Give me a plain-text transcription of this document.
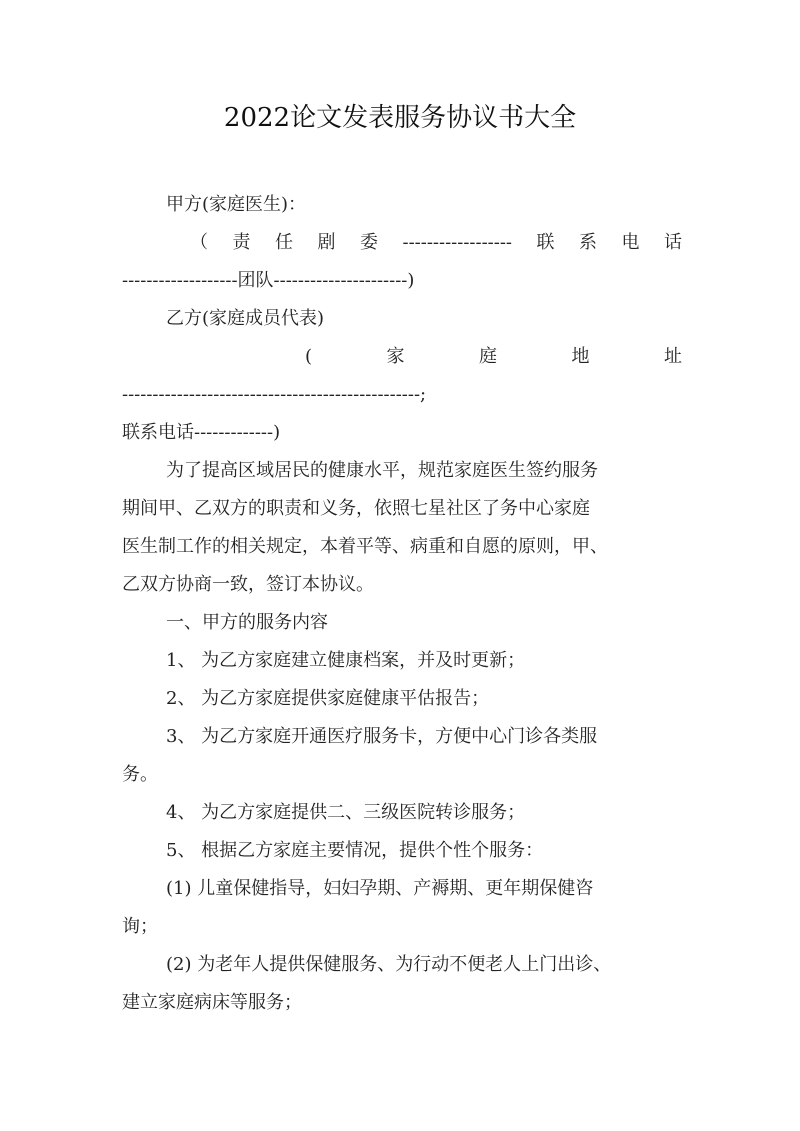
2022论文发表服务协议书大全
甲方(家庭医生)：
（ 责 任 剧 委 ------------------ 联 系 电 话
-------------------团队----------------------)
乙方(家庭成员代表)
(	家	庭	地	址
-------------------------------------------------;
联系电话-------------)
为了提高区域居民的健康水平，规范家庭医生签约服务
期间甲、乙双方的职责和义务，依照七星社区了务中心家庭
医生制工作的相关规定，本着平等、病重和自愿的原则，甲、
乙双方协商一致，签订本协议。
一、甲方的服务内容
1、 为乙方家庭建立健康档案，并及时更新；
2、 为乙方家庭提供家庭健康平估报告；
3、 为乙方家庭开通医疗服务卡，方便中心门诊各类服
务。
4、 为乙方家庭提供二、三级医院转诊服务；
5、 根据乙方家庭主要情况，提供个性个服务：
(1) 儿童保健指导，妇妇孕期、产褥期、更年期保健咨
询；
(2) 为老年人提供保健服务、为行动不便老人上门出诊、
建立家庭病床等服务；
